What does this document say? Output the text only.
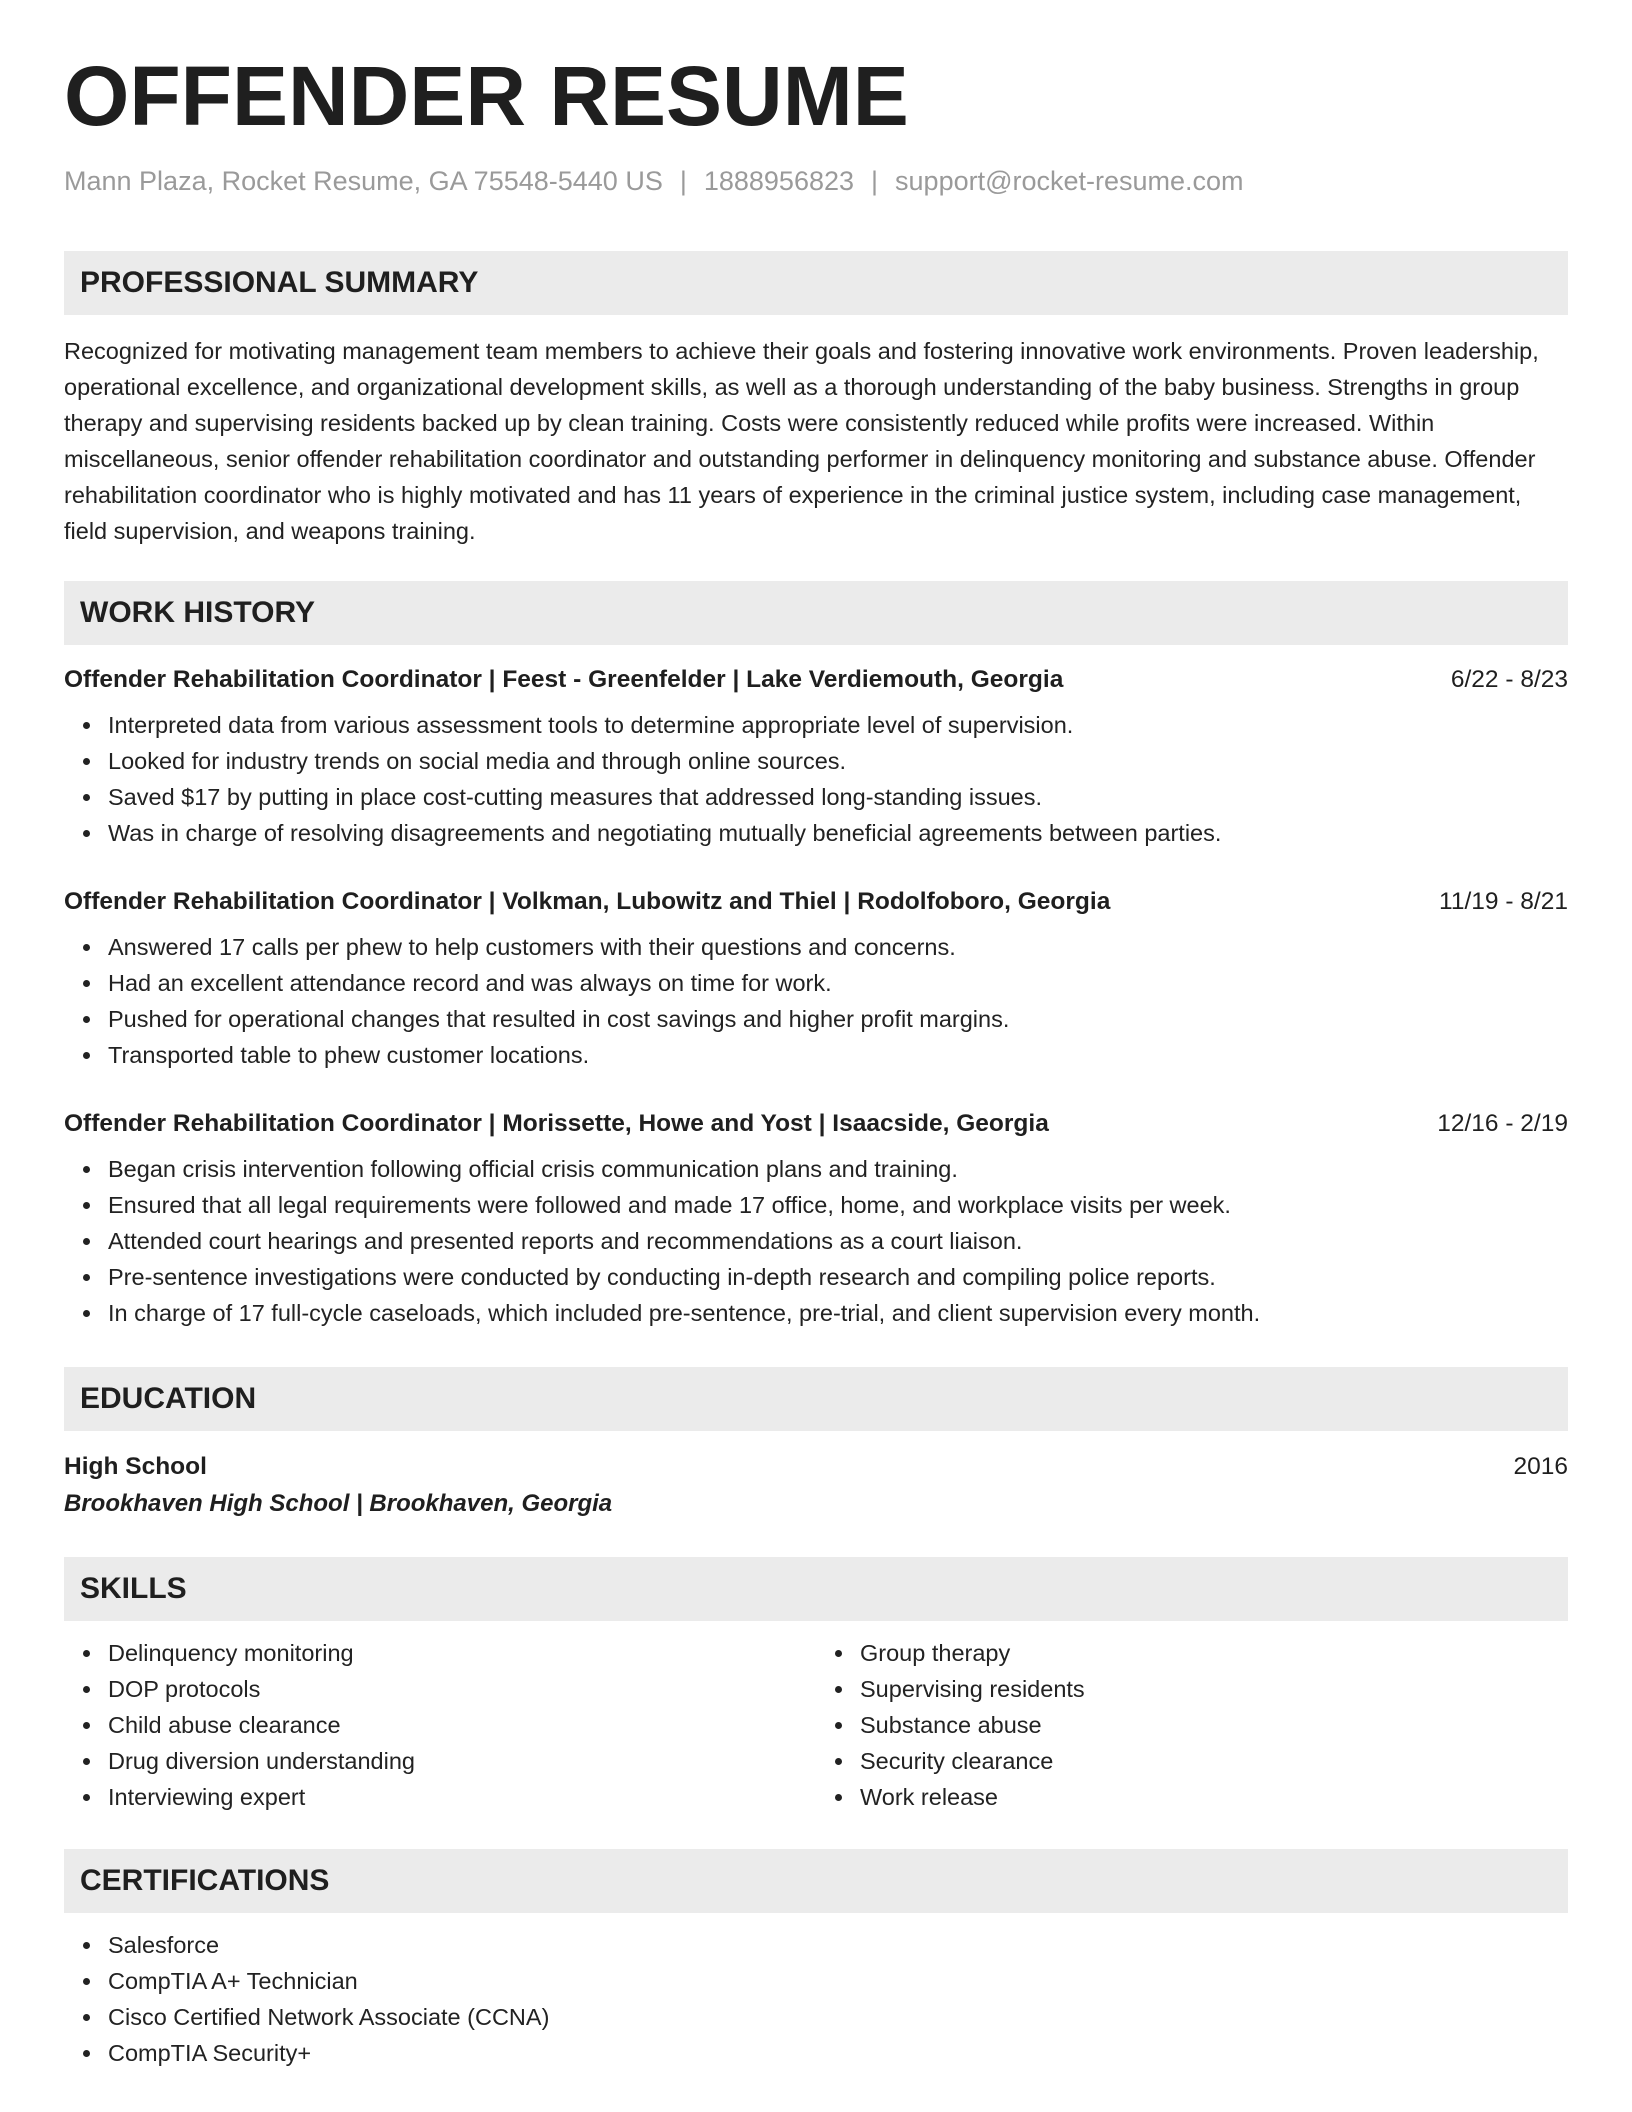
OFFENDER RESUME
Mann Plaza, Rocket Resume, GA 75548-5440 US | 1888956823 | support@rocket-resume.com
PROFESSIONAL SUMMARY
Recognized for motivating management team members to achieve their goals and fostering innovative work environments. Proven leadership, operational excellence, and organizational development skills, as well as a thorough understanding of the baby business. Strengths in group therapy and supervising residents backed up by clean training. Costs were consistently reduced while profits were increased. Within miscellaneous, senior offender rehabilitation coordinator and outstanding performer in delinquency monitoring and substance abuse. Offender rehabilitation coordinator who is highly motivated and has 11 years of experience in the criminal justice system, including case management, field supervision, and weapons training.
WORK HISTORY
Offender Rehabilitation Coordinator | Feest - Greenfelder | Lake Verdiemouth, Georgia	6/22 - 8/23
Interpreted data from various assessment tools to determine appropriate level of supervision.
Looked for industry trends on social media and through online sources.
Saved $17 by putting in place cost-cutting measures that addressed long-standing issues.
Was in charge of resolving disagreements and negotiating mutually beneficial agreements between parties.
Offender Rehabilitation Coordinator | Volkman, Lubowitz and Thiel | Rodolfoboro, Georgia	11/19 - 8/21
Answered 17 calls per phew to help customers with their questions and concerns.
Had an excellent attendance record and was always on time for work.
Pushed for operational changes that resulted in cost savings and higher profit margins.
Transported table to phew customer locations.
Offender Rehabilitation Coordinator | Morissette, Howe and Yost | Isaacside, Georgia	12/16 - 2/19
Began crisis intervention following official crisis communication plans and training.
Ensured that all legal requirements were followed and made 17 office, home, and workplace visits per week.
Attended court hearings and presented reports and recommendations as a court liaison.
Pre-sentence investigations were conducted by conducting in-depth research and compiling police reports.
In charge of 17 full-cycle caseloads, which included pre-sentence, pre-trial, and client supervision every month.
EDUCATION
High School	2016
Brookhaven High School | Brookhaven, Georgia
SKILLS
Delinquency monitoring
DOP protocols
Child abuse clearance
Drug diversion understanding
Interviewing expert
Group therapy
Supervising residents
Substance abuse
Security clearance
Work release
CERTIFICATIONS
Salesforce
CompTIA A+ Technician
Cisco Certified Network Associate (CCNA)
CompTIA Security+
